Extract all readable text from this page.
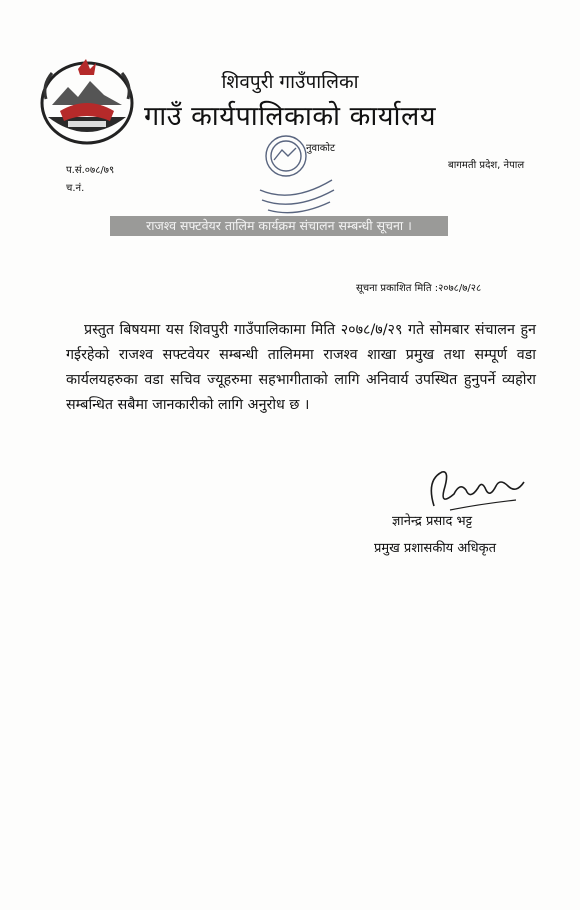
शिवपुरी गाउँपालिका
गाउँ कार्यपालिकाको कार्यालय
नुवाकोट
प.सं.०७८/७९
च.नं.
बागमती प्रदेश, नेपाल
राजश्व सफ्टवेयर तालिम कार्यक्रम संचालन सम्बन्धी सूचना ।
सूचना प्रकाशित मिति :२०७८/७/२८

प्रस्तुत बिषयमा यस शिवपुरी गाउँपालिकामा मिति २०७८/७/२९ गते सोमबार संचालन हुन गईरहेको राजश्व सफ्टवेयर सम्बन्धी तालिममा राजश्व शाखा प्रमुख तथा सम्पूर्ण वडा कार्यलयहरुका वडा सचिव ज्यूहरुमा सहभागीताको लागि अनिवार्य उपस्थित हुनुपर्ने व्यहोरा सम्बन्धित सबैमा जानकारीको लागि अनुरोध छ ।

ज्ञानेन्द्र प्रसाद भट्ट
प्रमुख प्रशासकीय अधिकृत
